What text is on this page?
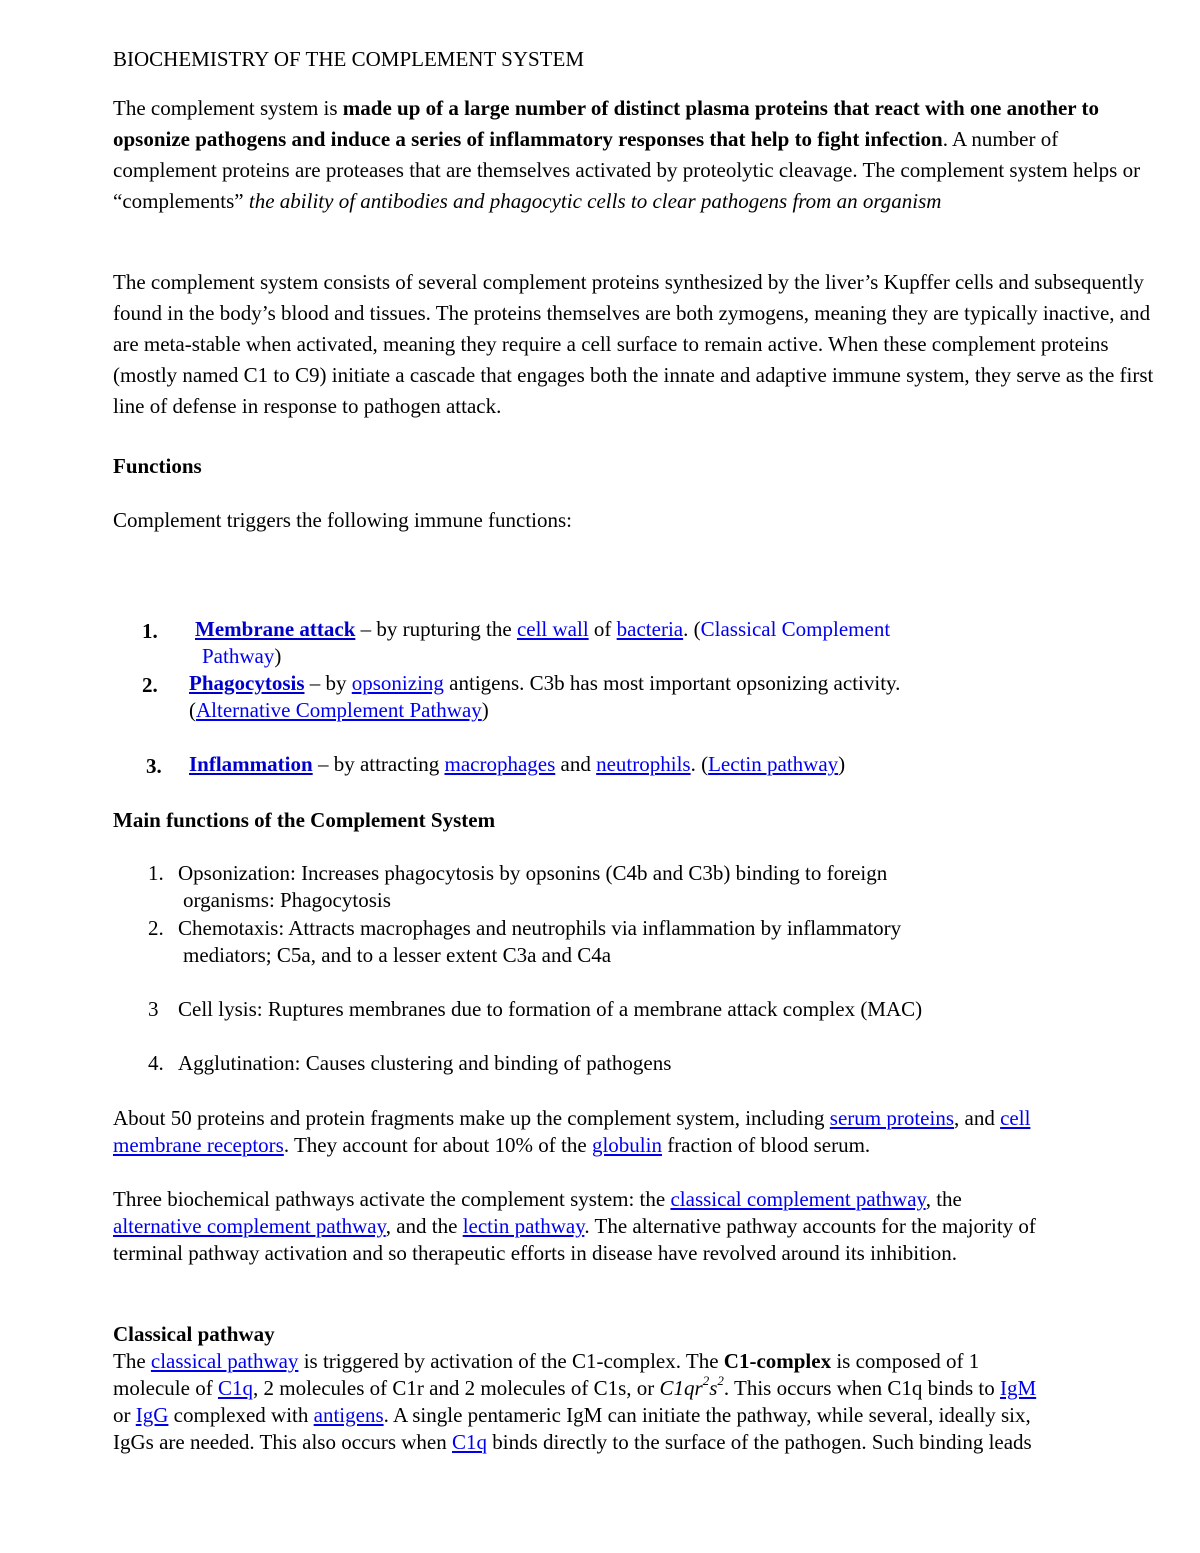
BIOCHEMISTRY OF THE COMPLEMENT SYSTEM

The complement system is made up of a large number of distinct plasma proteins that react with one another to opsonize pathogens and induce a series of inflammatory responses that help to fight infection. A number of complement proteins are proteases that are themselves activated by proteolytic cleavage. The complement system helps or “complements” the ability of antibodies and phagocytic cells to clear pathogens from an organism

The complement system consists of several complement proteins synthesized by the liver’s Kupffer cells and subsequently found in the body’s blood and tissues. The proteins themselves are both zymogens, meaning they are typically inactive, and are meta-stable when activated, meaning they require a cell surface to remain active. When these complement proteins (mostly named C1 to C9) initiate a cascade that engages both the innate and adaptive immune system, they serve as the first line of defense in response to pathogen attack.

Functions
Complement triggers the following immune functions:
1. Membrane attack – by rupturing the cell wall of bacteria. (Classical Complement
Pathway)
2. Phagocytosis – by opsonizing antigens. C3b has most important opsonizing activity.
(Alternative Complement Pathway)
3. Inflammation – by attracting macrophages and neutrophils. (Lectin pathway)
Main functions of the Complement System
1. Opsonization: Increases phagocytosis by opsonins (C4b and C3b) binding to foreign
organisms: Phagocytosis
2. Chemotaxis: Attracts macrophages and neutrophils via inflammation by inflammatory
mediators; C5a, and to a lesser extent C3a and C4a
3 Cell lysis: Ruptures membranes due to formation of a membrane attack complex (MAC)
4. Agglutination: Causes clustering and binding of pathogens
About 50 proteins and protein fragments make up the complement system, including serum proteins, and cell
membrane receptors. They account for about 10% of the globulin fraction of blood serum.
Three biochemical pathways activate the complement system: the classical complement pathway, the
alternative complement pathway, and the lectin pathway. The alternative pathway accounts for the majority of
terminal pathway activation and so therapeutic efforts in disease have revolved around its inhibition.
Classical pathway
The classical pathway is triggered by activation of the C1-complex. The C1-complex is composed of 1
molecule of C1q, 2 molecules of C1r and 2 molecules of C1s, or $C1qr^2s^2$. This occurs when C1q binds to IgM
or IgG complexed with antigens. A single pentameric IgM can initiate the pathway, while several, ideally six,
IgGs are needed. This also occurs when C1q binds directly to the surface of the pathogen. Such binding leads
